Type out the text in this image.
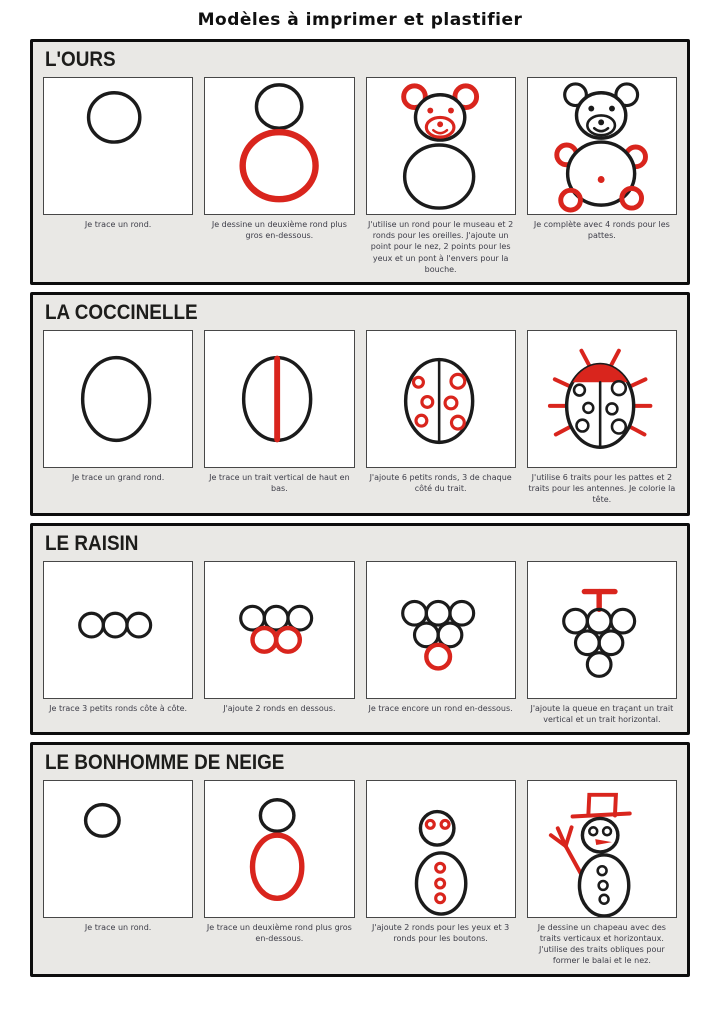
Modèles à imprimer et plastifier
L'OURS
Je trace un rond.	Je dessine un deuxième rond plus gros en-dessous.
J'utilise un rond pour le museau et 2 ronds pour les oreilles. J'ajoute un point pour le nez, 2 points pour les yeux et un pont à l'envers pour la bouche.
Je complète avec 4 ronds pour les pattes.
LA COCCINELLE
Je trace un grand rond.	Je trace un trait vertical de haut en bas.
J'ajoute 6 petits ronds, 3 de chaque côté du trait.
J'utilise 6 traits pour les pattes et 2 traits pour les antennes. Je colorie la tête.
LE RAISIN
Je trace 3 petits ronds côte à côte.	J'ajoute 2 ronds en dessous.	Je trace encore un rond en-dessous.	J'ajoute la queue en traçant un trait vertical et un trait horizontal.
LE BONHOMME DE NEIGE
Je trace un rond.	Je trace un deuxième rond plus gros en-dessous.
J'ajoute 2 ronds pour les yeux et 3 ronds pour les boutons.
Je dessine un chapeau avec des traits verticaux et horizontaux. J'utilise des traits obliques pour former le balai et le nez.
